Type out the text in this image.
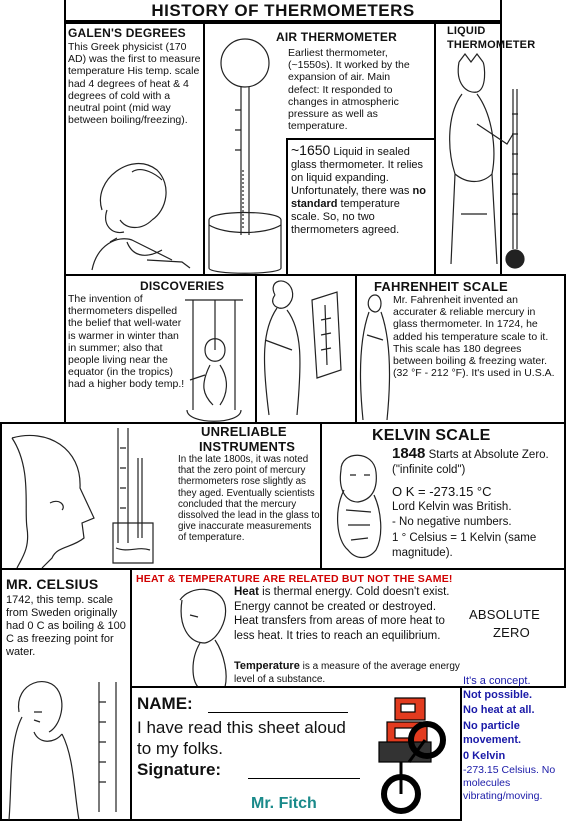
HISTORY OF THERMOMETERS
GALEN'S DEGREES
This Greek physicist (170 AD) was the first to measure temperature His temp. scale had 4 degrees of heat & 4 degrees of cold with a neutral point (mid way between boiling/freezing).
AIR THERMOMETER
Earliest thermometer, (~1550s). It worked by the expansion of air. Main defect: It responded to changes in atmospheric pressure as well as temperature.
~1650 Liquid in sealed glass thermometer. It relies on liquid expanding. Unfortunately, there was no standard temperature scale. So, no two thermometers agreed.
LIQUID
THERMOMETER
DISCOVERIES
The invention of thermometers dispelled the belief that well-water is warmer in winter than in summer; also that people living near the equator (in the tropics) had a higher body temp.!
FAHRENHEIT SCALE
Mr. Fahrenheit invented an accurater & reliable mercury in glass thermometer. In 1724, he added his temperature scale to it. This scale has 180 degrees between boiling & freezing water. (32 °F - 212 °F). It's used in U.S.A.
UNRELIABLE
INSTRUMENTS
In the late 1800s, it was noted that the zero point of mercury thermometers rose slightly as they aged. Eventually scientists concluded that the mercury dissolved the lead in the glass to give inaccurate measurements of temperature.
KELVIN SCALE
1848 Starts at Absolute Zero. ("infinite cold")
O K = -273.15 °C
Lord Kelvin was British.
- No negative numbers.
1 ° Celsius = 1 Kelvin (same magnitude).
MR. CELSIUS
1742, this temp. scale from Sweden originally had 0 C as boiling & 100 C as freezing point for water.
HEAT & TEMPERATURE ARE RELATED BUT NOT THE SAME!
Heat is thermal energy. Cold doesn't exist. Energy cannot be created or destroyed. Heat transfers from areas of more heat to less heat. It tries to reach an equilibrium.
Temperature is a measure of the average energy level of a substance.
ABSOLUTE
ZERO
It's a concept.
Not possible.
No heat at all.
No particle movement.
0 Kelvin
-273.15 Celsius. No molecules vibrating/moving.
NAME:
I have read this sheet aloud to my folks.
Signature:
Mr. Fitch
